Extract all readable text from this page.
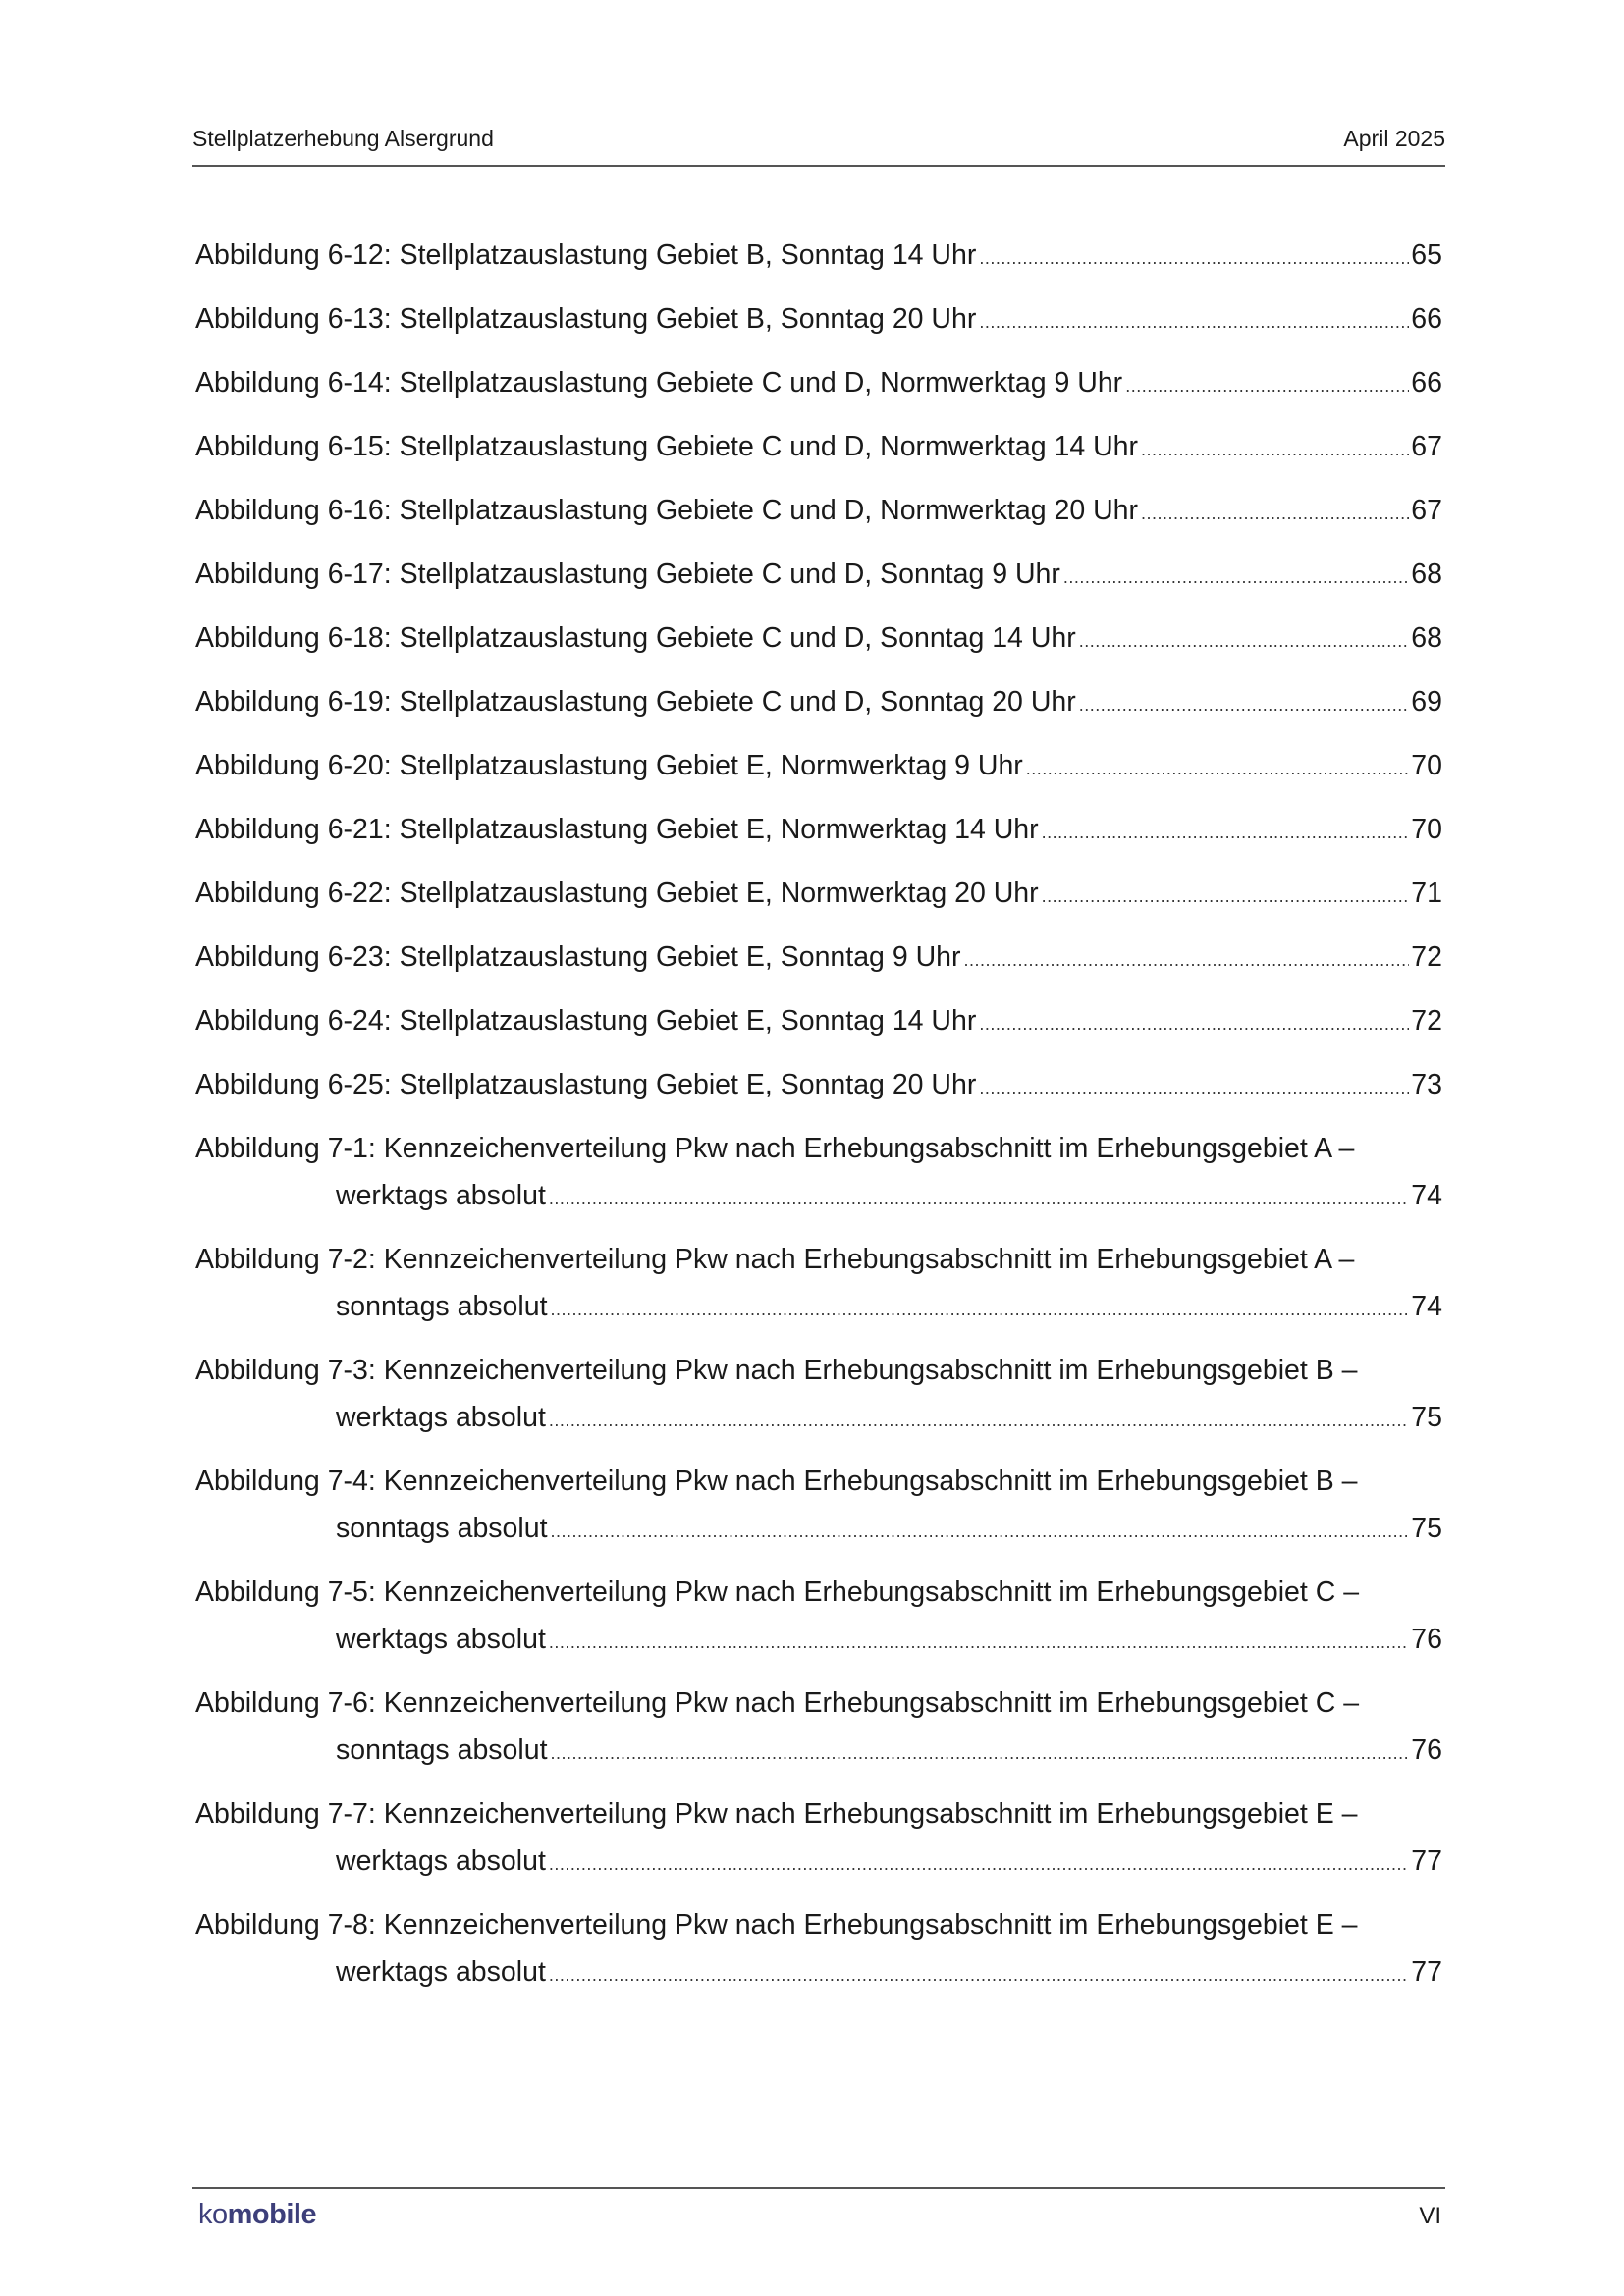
Stellplatzerhebung Alsergrund	April 2025
Abbildung 6-12: Stellplatzauslastung Gebiet B, Sonntag 14 Uhr .....	65
Abbildung 6-13: Stellplatzauslastung Gebiet B, Sonntag 20 Uhr .....	66
Abbildung 6-14: Stellplatzauslastung Gebiete C und D, Normwerktag 9 Uhr .....	66
Abbildung 6-15: Stellplatzauslastung Gebiete C und D, Normwerktag 14 Uhr .....	67
Abbildung 6-16: Stellplatzauslastung Gebiete C und D, Normwerktag 20 Uhr .....	67
Abbildung 6-17: Stellplatzauslastung Gebiete C und D, Sonntag 9 Uhr .....	68
Abbildung 6-18: Stellplatzauslastung Gebiete C und D, Sonntag 14 Uhr .....	68
Abbildung 6-19: Stellplatzauslastung Gebiete C und D, Sonntag 20 Uhr .....	69
Abbildung 6-20: Stellplatzauslastung Gebiet E, Normwerktag 9 Uhr .....	70
Abbildung 6-21: Stellplatzauslastung Gebiet E, Normwerktag 14 Uhr .....	70
Abbildung 6-22: Stellplatzauslastung Gebiet E, Normwerktag 20 Uhr .....	71
Abbildung 6-23: Stellplatzauslastung Gebiet E, Sonntag 9 Uhr .....	72
Abbildung 6-24: Stellplatzauslastung Gebiet E, Sonntag 14 Uhr .....	72
Abbildung 6-25: Stellplatzauslastung Gebiet E, Sonntag 20 Uhr .....	73
Abbildung 7-1: Kennzeichenverteilung Pkw nach Erhebungsabschnitt im Erhebungsgebiet A –
werktags absolut .....	74
Abbildung 7-2: Kennzeichenverteilung Pkw nach Erhebungsabschnitt im Erhebungsgebiet A –
sonntags absolut .....	74
Abbildung 7-3: Kennzeichenverteilung Pkw nach Erhebungsabschnitt im Erhebungsgebiet B –
werktags absolut .....	75
Abbildung 7-4: Kennzeichenverteilung Pkw nach Erhebungsabschnitt im Erhebungsgebiet B –
sonntags absolut .....	75
Abbildung 7-5: Kennzeichenverteilung Pkw nach Erhebungsabschnitt im Erhebungsgebiet C –
werktags absolut .....	76
Abbildung 7-6: Kennzeichenverteilung Pkw nach Erhebungsabschnitt im Erhebungsgebiet C –
sonntags absolut .....	76
Abbildung 7-7: Kennzeichenverteilung Pkw nach Erhebungsabschnitt im Erhebungsgebiet E –
werktags absolut .....	77
Abbildung 7-8: Kennzeichenverteilung Pkw nach Erhebungsabschnitt im Erhebungsgebiet E –
werktags absolut .....	77
komobile	VI
